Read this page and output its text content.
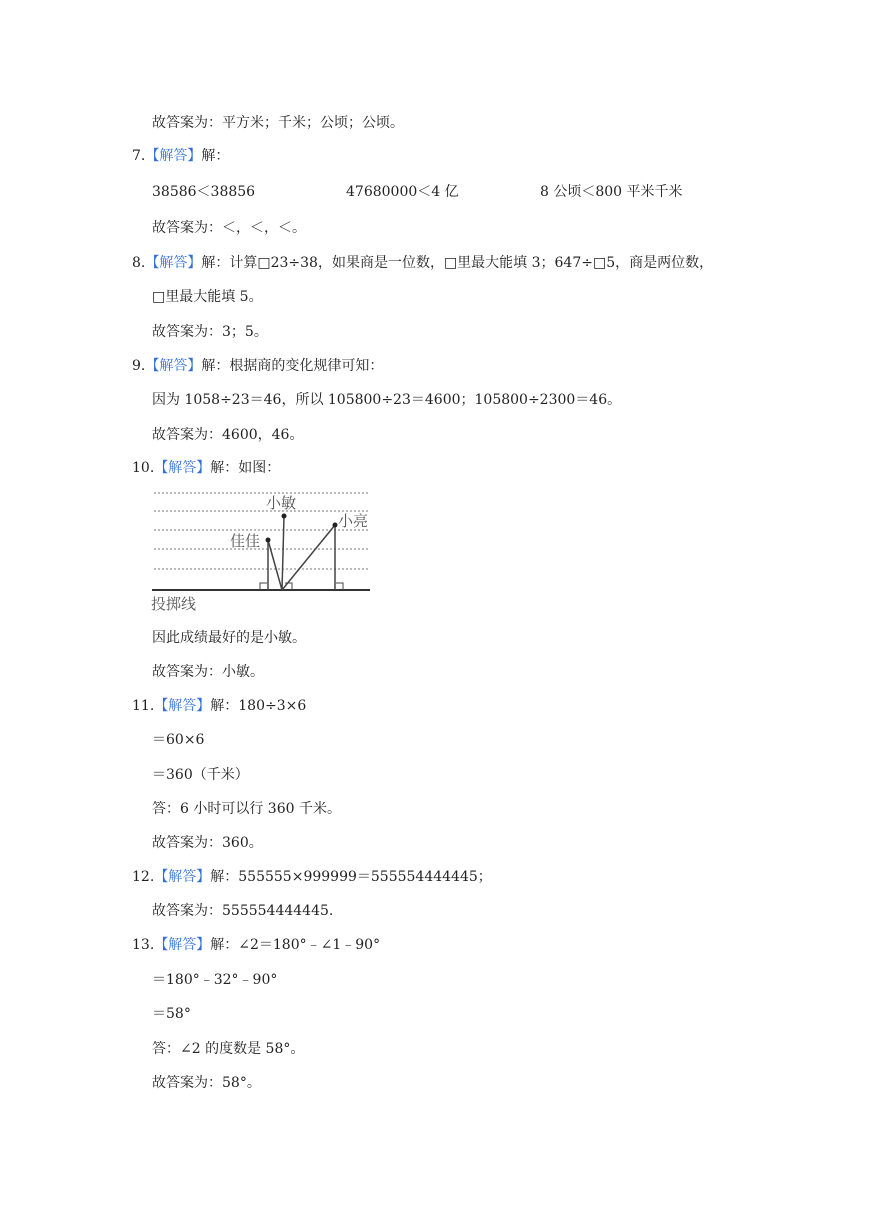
故答案为：平方米；千米；公顷；公顷。
7.【解答】解：
38586＜38856	47680000＜4 亿	8 公顷＜800 平米千米
故答案为：＜，＜，＜。
8.【解答】解：计算□23÷38，如果商是一位数，□里最大能填 3；647÷□5，商是两位数，
□里最大能填 5。
故答案为：3；5。
9.【解答】解：根据商的变化规律可知：
因为 1058÷23＝46，所以 105800÷23＝4600；105800÷2300＝46。
故答案为：4600，46。
10.【解答】解：如图：
小敏
小亮
佳佳
投掷线
因此成绩最好的是小敏。
故答案为：小敏。
11.【解答】解：180÷3×6
＝60×6
＝360（千米）
答：6 小时可以行 360 千米。
故答案为：360。
12.【解答】解：555555×999999＝555554444445；
故答案为：555554444445.
13.【解答】解：∠2＝180°﹣∠1﹣90°
＝180°﹣32°﹣90°
＝58°
答：∠2 的度数是 58°。
故答案为：58°。
